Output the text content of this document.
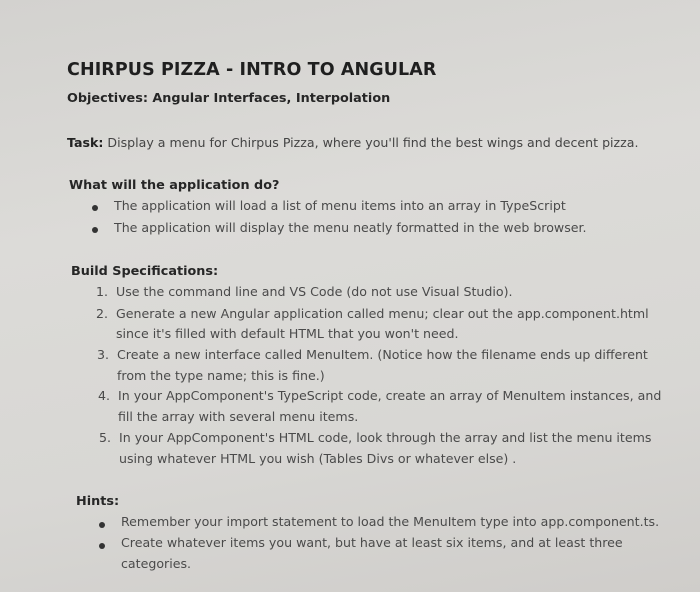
CHIRPUS PIZZA - INTRO TO ANGULAR
Objectives: Angular Interfaces, Interpolation
Task: Display a menu for Chirpus Pizza, where you'll find the best wings and decent pizza.
What will the application do?
The application will load a list of menu items into an array in TypeScript
The application will display the menu neatly formatted in the web browser.
Build Specifications:
1. Use the command line and VS Code (do not use Visual Studio).
2. Generate a new Angular application called menu; clear out the app.component.html
since it's filled with default HTML that you won't need.
3. Create a new interface called MenuItem. (Notice how the filename ends up different
from the type name; this is fine.)
4. In your AppComponent's TypeScript code, create an array of MenuItem instances, and
fill the array with several menu items.
5. In your AppComponent's HTML code, look through the array and list the menu items
using whatever HTML you wish (Tables Divs or whatever else) .
Hints:
Remember your import statement to load the MenuItem type into app.component.ts.
Create whatever items you want, but have at least six items, and at least three
categories.
